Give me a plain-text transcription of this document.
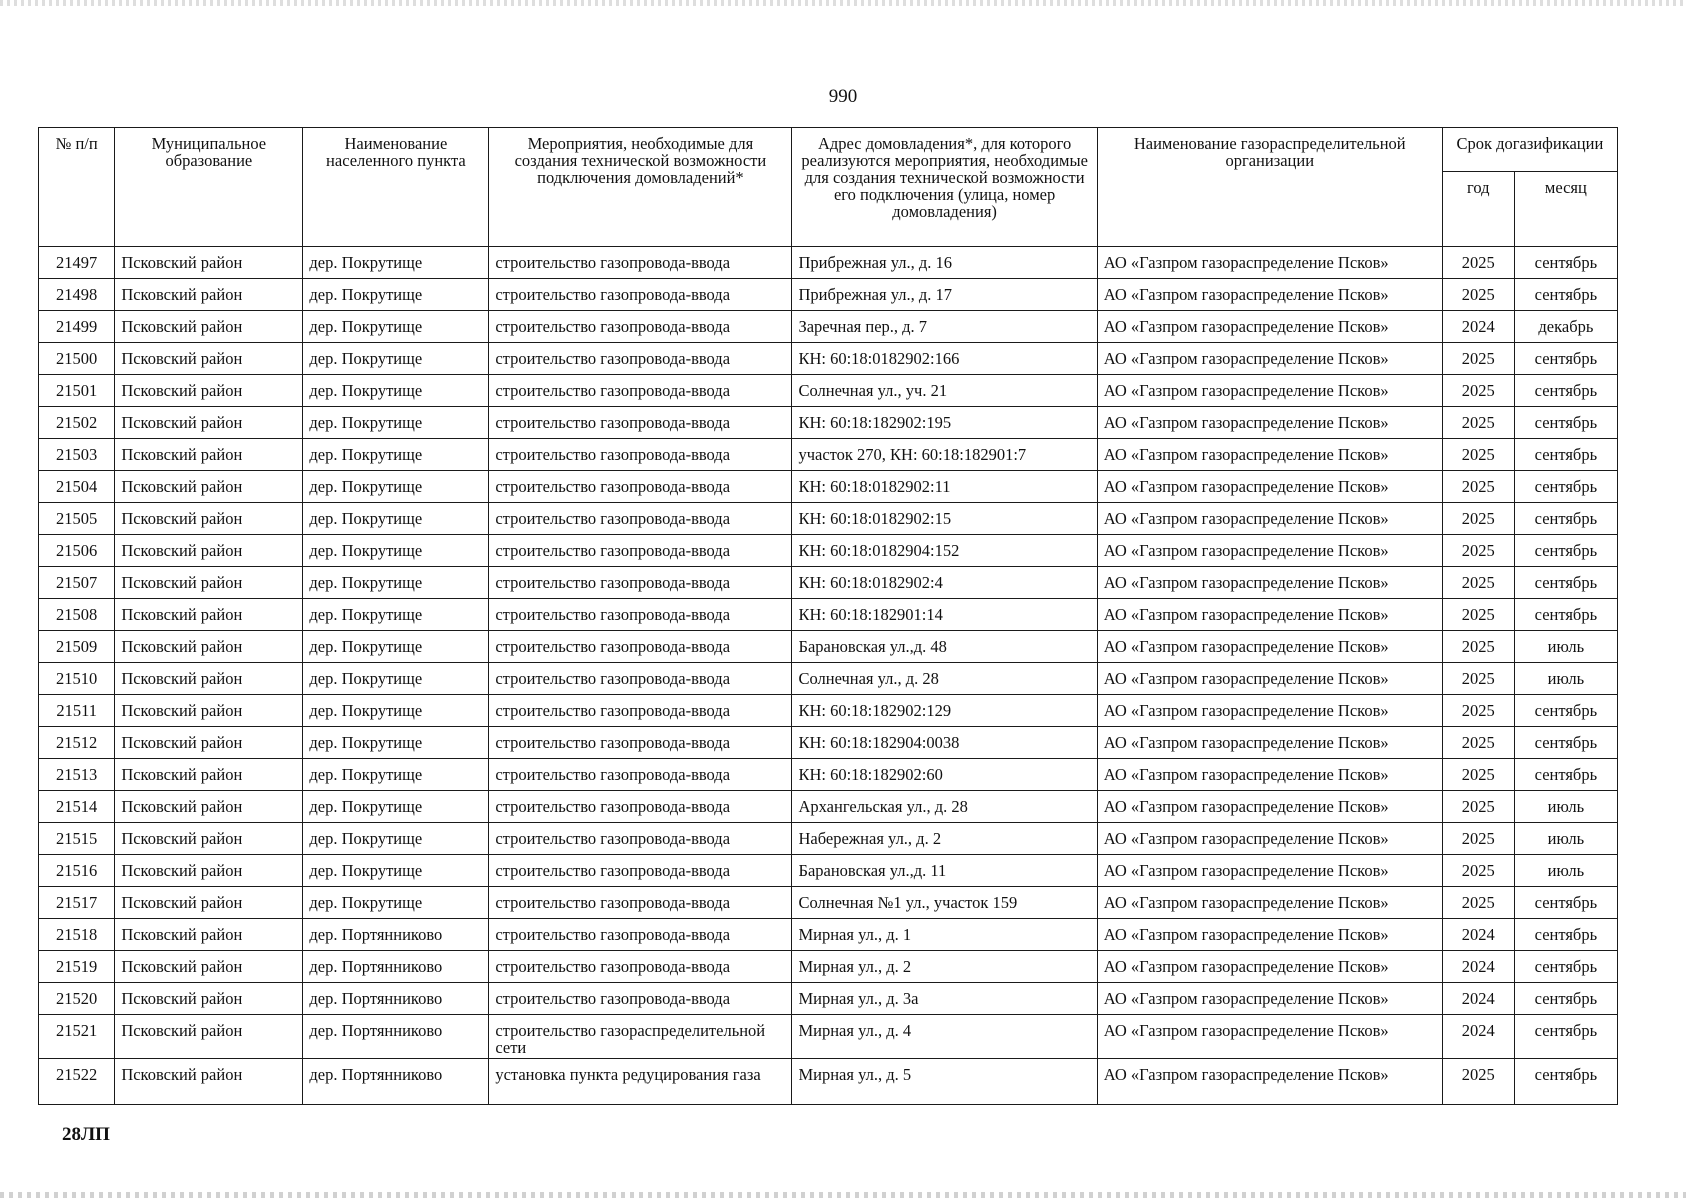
990
№ п/п	Муниципальное образование	Наименование населенного пункта	Мероприятия, необходимые для создания технической возможности подключения домовладений*	Адрес домовладения*, для которого реализуются мероприятия, необходимые для создания технической возможности его подключения (улица, номер домовладения)	Наименование газораспределительной организации	Срок догазификации	
						год	месяц
21497	Псковский район	дер. Покрутище	строительство газопровода-ввода	Прибрежная ул., д. 16	АО «Газпром газораспределение Псков»	2025	сентябрь
21498	Псковский район	дер. Покрутище	строительство газопровода-ввода	Прибрежная ул., д. 17	АО «Газпром газораспределение Псков»	2025	сентябрь
21499	Псковский район	дер. Покрутище	строительство газопровода-ввода	Заречная пер., д. 7	АО «Газпром газораспределение Псков»	2024	декабрь
21500	Псковский район	дер. Покрутище	строительство газопровода-ввода	КН: 60:18:0182902:166	АО «Газпром газораспределение Псков»	2025	сентябрь
21501	Псковский район	дер. Покрутище	строительство газопровода-ввода	Солнечная ул., уч. 21	АО «Газпром газораспределение Псков»	2025	сентябрь
21502	Псковский район	дер. Покрутище	строительство газопровода-ввода	КН: 60:18:182902:195	АО «Газпром газораспределение Псков»	2025	сентябрь
21503	Псковский район	дер. Покрутище	строительство газопровода-ввода	участок 270, КН: 60:18:182901:7	АО «Газпром газораспределение Псков»	2025	сентябрь
21504	Псковский район	дер. Покрутище	строительство газопровода-ввода	КН: 60:18:0182902:11	АО «Газпром газораспределение Псков»	2025	сентябрь
21505	Псковский район	дер. Покрутище	строительство газопровода-ввода	КН: 60:18:0182902:15	АО «Газпром газораспределение Псков»	2025	сентябрь
21506	Псковский район	дер. Покрутище	строительство газопровода-ввода	КН: 60:18:0182904:152	АО «Газпром газораспределение Псков»	2025	сентябрь
21507	Псковский район	дер. Покрутище	строительство газопровода-ввода	КН: 60:18:0182902:4	АО «Газпром газораспределение Псков»	2025	сентябрь
21508	Псковский район	дер. Покрутище	строительство газопровода-ввода	КН: 60:18:182901:14	АО «Газпром газораспределение Псков»	2025	сентябрь
21509	Псковский район	дер. Покрутище	строительство газопровода-ввода	Барановская ул.,д. 48	АО «Газпром газораспределение Псков»	2025	июль
21510	Псковский район	дер. Покрутище	строительство газопровода-ввода	Солнечная ул., д. 28	АО «Газпром газораспределение Псков»	2025	июль
21511	Псковский район	дер. Покрутище	строительство газопровода-ввода	КН: 60:18:182902:129	АО «Газпром газораспределение Псков»	2025	сентябрь
21512	Псковский район	дер. Покрутище	строительство газопровода-ввода	КН: 60:18:182904:0038	АО «Газпром газораспределение Псков»	2025	сентябрь
21513	Псковский район	дер. Покрутище	строительство газопровода-ввода	КН: 60:18:182902:60	АО «Газпром газораспределение Псков»	2025	сентябрь
21514	Псковский район	дер. Покрутище	строительство газопровода-ввода	Архангельская ул., д. 28	АО «Газпром газораспределение Псков»	2025	июль
21515	Псковский район	дер. Покрутище	строительство газопровода-ввода	Набережная ул., д. 2	АО «Газпром газораспределение Псков»	2025	июль
21516	Псковский район	дер. Покрутище	строительство газопровода-ввода	Барановская ул.,д. 11	АО «Газпром газораспределение Псков»	2025	июль
21517	Псковский район	дер. Покрутище	строительство газопровода-ввода	Солнечная №1 ул., участок 159	АО «Газпром газораспределение Псков»	2025	сентябрь
21518	Псковский район	дер. Портянниково	строительство газопровода-ввода	Мирная ул., д. 1	АО «Газпром газораспределение Псков»	2024	сентябрь
21519	Псковский район	дер. Портянниково	строительство газопровода-ввода	Мирная ул., д. 2	АО «Газпром газораспределение Псков»	2024	сентябрь
21520	Псковский район	дер. Портянниково	строительство газопровода-ввода	Мирная ул., д. 3а	АО «Газпром газораспределение Псков»	2024	сентябрь
21521	Псковский район	дер. Портянниково	строительство газораспределительной сети	Мирная ул., д. 4	АО «Газпром газораспределение Псков»	2024	сентябрь
21522	Псковский район	дер. Портянниково	установка пункта редуцирования газа	Мирная ул., д. 5	АО «Газпром газораспределение Псков»	2025	сентябрь
28ЛП
